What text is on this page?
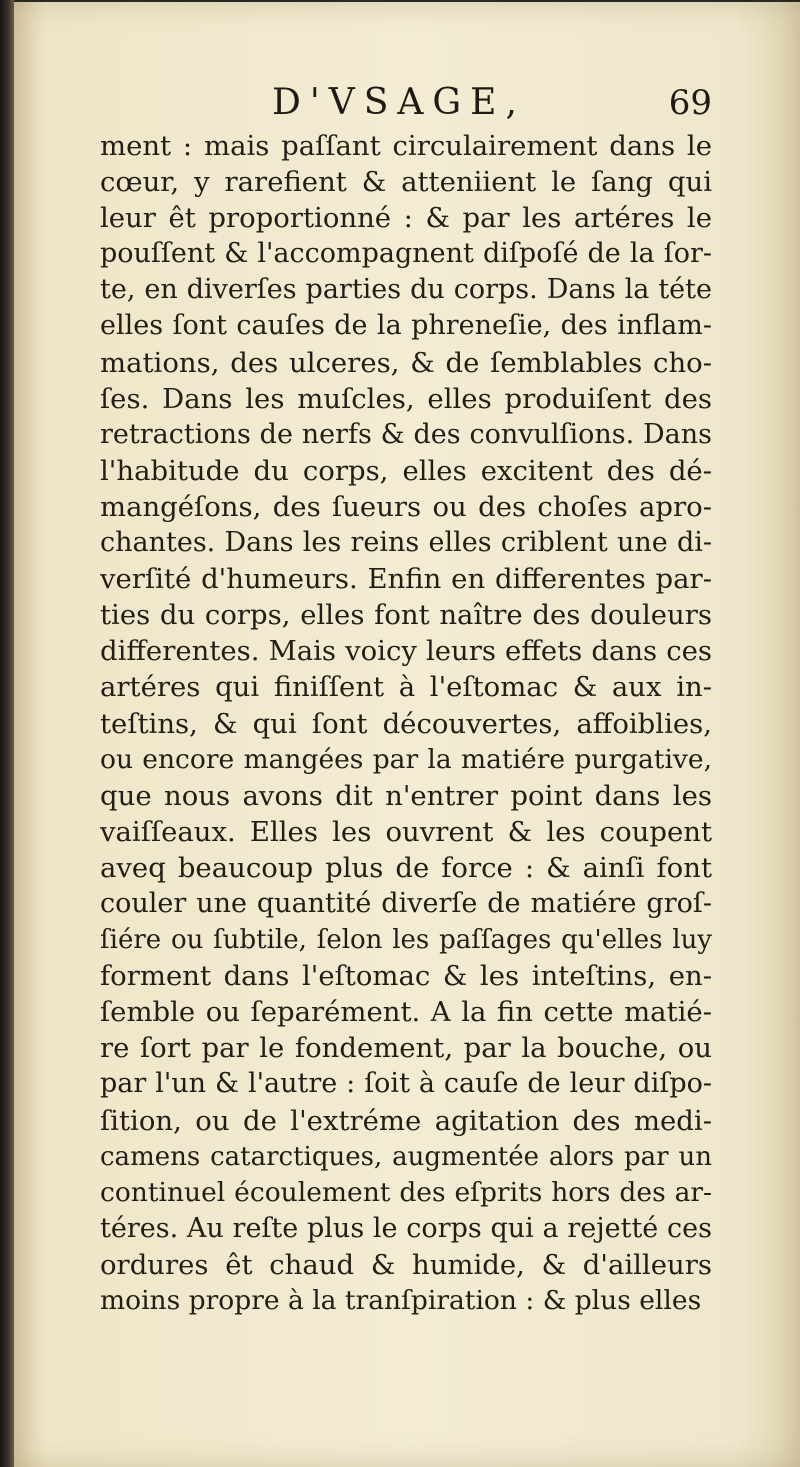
D'VSAGE,	69
ment : mais paſſant circulairement dans le
cœur, y rarefient & atteniient le ſang qui
leur êt proportionné : & par les artéres le
pouſſent & l'accompagnent diſpoſé de la ſor-
te, en diverſes parties du corps. Dans la téte
elles ſont cauſes de la phreneſie, des inflam-
mations, des ulceres, & de ſemblables cho-
ſes. Dans les muſcles, elles produiſent des
retractions de nerfs & des convulſions. Dans
l'habitude du corps, elles excitent des dé-
mangéſons, des ſueurs ou des choſes apro-
chantes. Dans les reins elles criblent une di-
verſité d'humeurs. Enfin en differentes par-
ties du corps, elles font naître des douleurs
differentes. Mais voicy leurs effets dans ces
artéres qui finiſſent à l'eſtomac & aux in-
teſtins, & qui ſont découvertes, affoiblies,
ou encore mangées par la matiére purgative,
que nous avons dit n'entrer point dans les
vaiſſeaux. Elles les ouvrent & les coupent
aveq beaucoup plus de force : & ainſi font
couler une quantité diverſe de matiére groſ-
ſiére ou ſubtile, ſelon les paſſages qu'elles luy
forment dans l'eſtomac & les inteſtins, en-
ſemble ou ſeparément. A la fin cette matié-
re ſort par le fondement, par la bouche, ou
par l'un & l'autre : ſoit à cauſe de leur diſpo-
ſition, ou de l'extréme agitation des medi-
camens catarctiques, augmentée alors par un
continuel écoulement des eſprits hors des ar-
téres. Au reſte plus le corps qui a rejetté ces
ordures êt chaud & humide, & d'ailleurs
moins propre à la tranſpiration : & plus elles
